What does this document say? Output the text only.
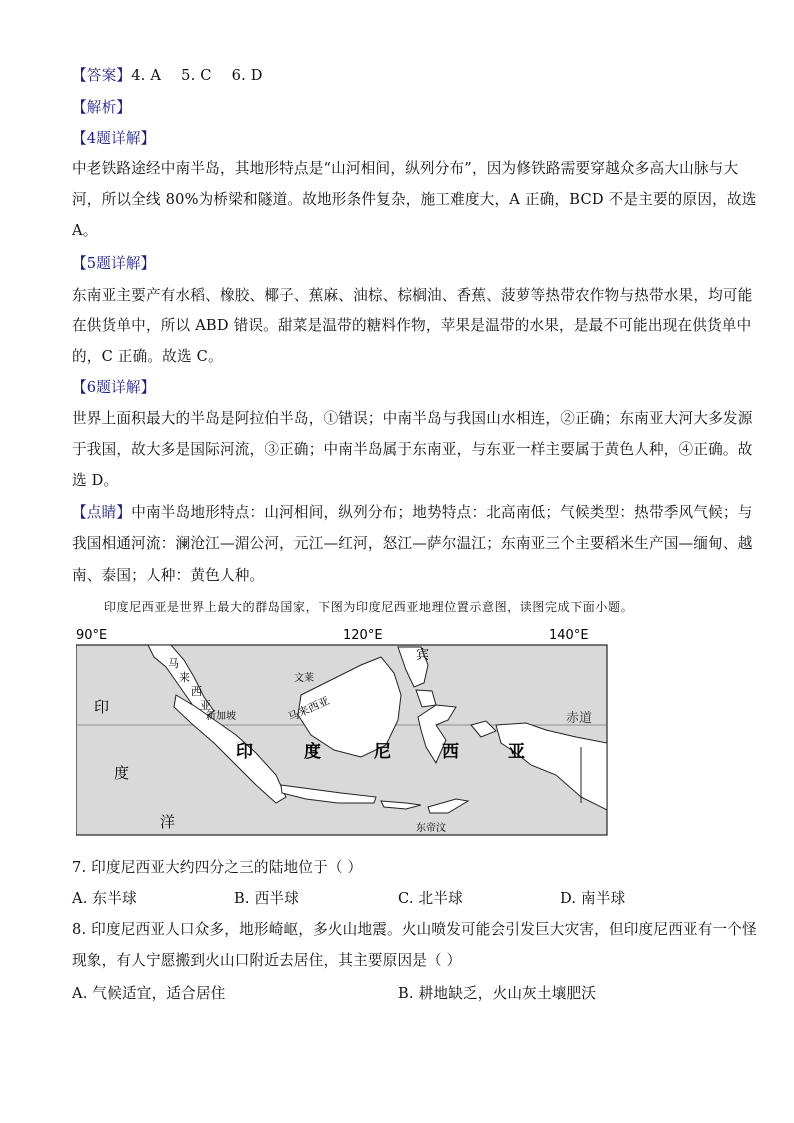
【答案】4. A 5. C 6. D
【解析】
【4题详解】
中老铁路途经中南半岛，其地形特点是“山河相间，纵列分布”，因为修铁路需要穿越众多高大山脉与大
河，所以全线 80%为桥梁和隧道。故地形条件复杂，施工难度大，A 正确，BCD 不是主要的原因，故选
A。
【5题详解】
东南亚主要产有水稻、橡胶、椰子、蕉麻、油棕、棕榈油、香蕉、菠萝等热带农作物与热带水果，均可能
在供货单中，所以 ABD 错误。甜菜是温带的糖料作物，苹果是温带的水果，是最不可能出现在供货单中
的，C 正确。故选 C。
【6题详解】
世界上面积最大的半岛是阿拉伯半岛，①错误；中南半岛与我国山水相连，②正确；东南亚大河大多发源
于我国，故大多是国际河流，③正确；中南半岛属于东南亚，与东亚一样主要属于黄色人种，④正确。故
选 D。
【点睛】中南半岛地形特点：山河相间，纵列分布；地势特点：北高南低；气候类型：热带季风气候；与
我国相通河流：澜沧江—湄公河，元江—红河，怒江—萨尔温江；东南亚三个主要稻米生产国—缅甸、越
南、泰国；人种：黄色人种。
印度尼西亚是世界上最大的群岛国家，下图为印度尼西亚地理位置示意图，读图完成下面小题。
90°E	120°E	140°E
马
来
西
亚
新加坡
文莱
马来西亚
宾
赤道
印
度
洋
印	度	尼	西	亚
东帝汶
7. 印度尼西亚大约四分之三的陆地位于（ ）
A. 东半球	B. 西半球	C. 北半球	D. 南半球
8. 印度尼西亚人口众多，地形崎岖，多火山地震。火山喷发可能会引发巨大灾害，但印度尼西亚有一个怪
现象，有人宁愿搬到火山口附近去居住，其主要原因是（ ）
A. 气候适宜，适合居住	B. 耕地缺乏，火山灰土壤肥沃
